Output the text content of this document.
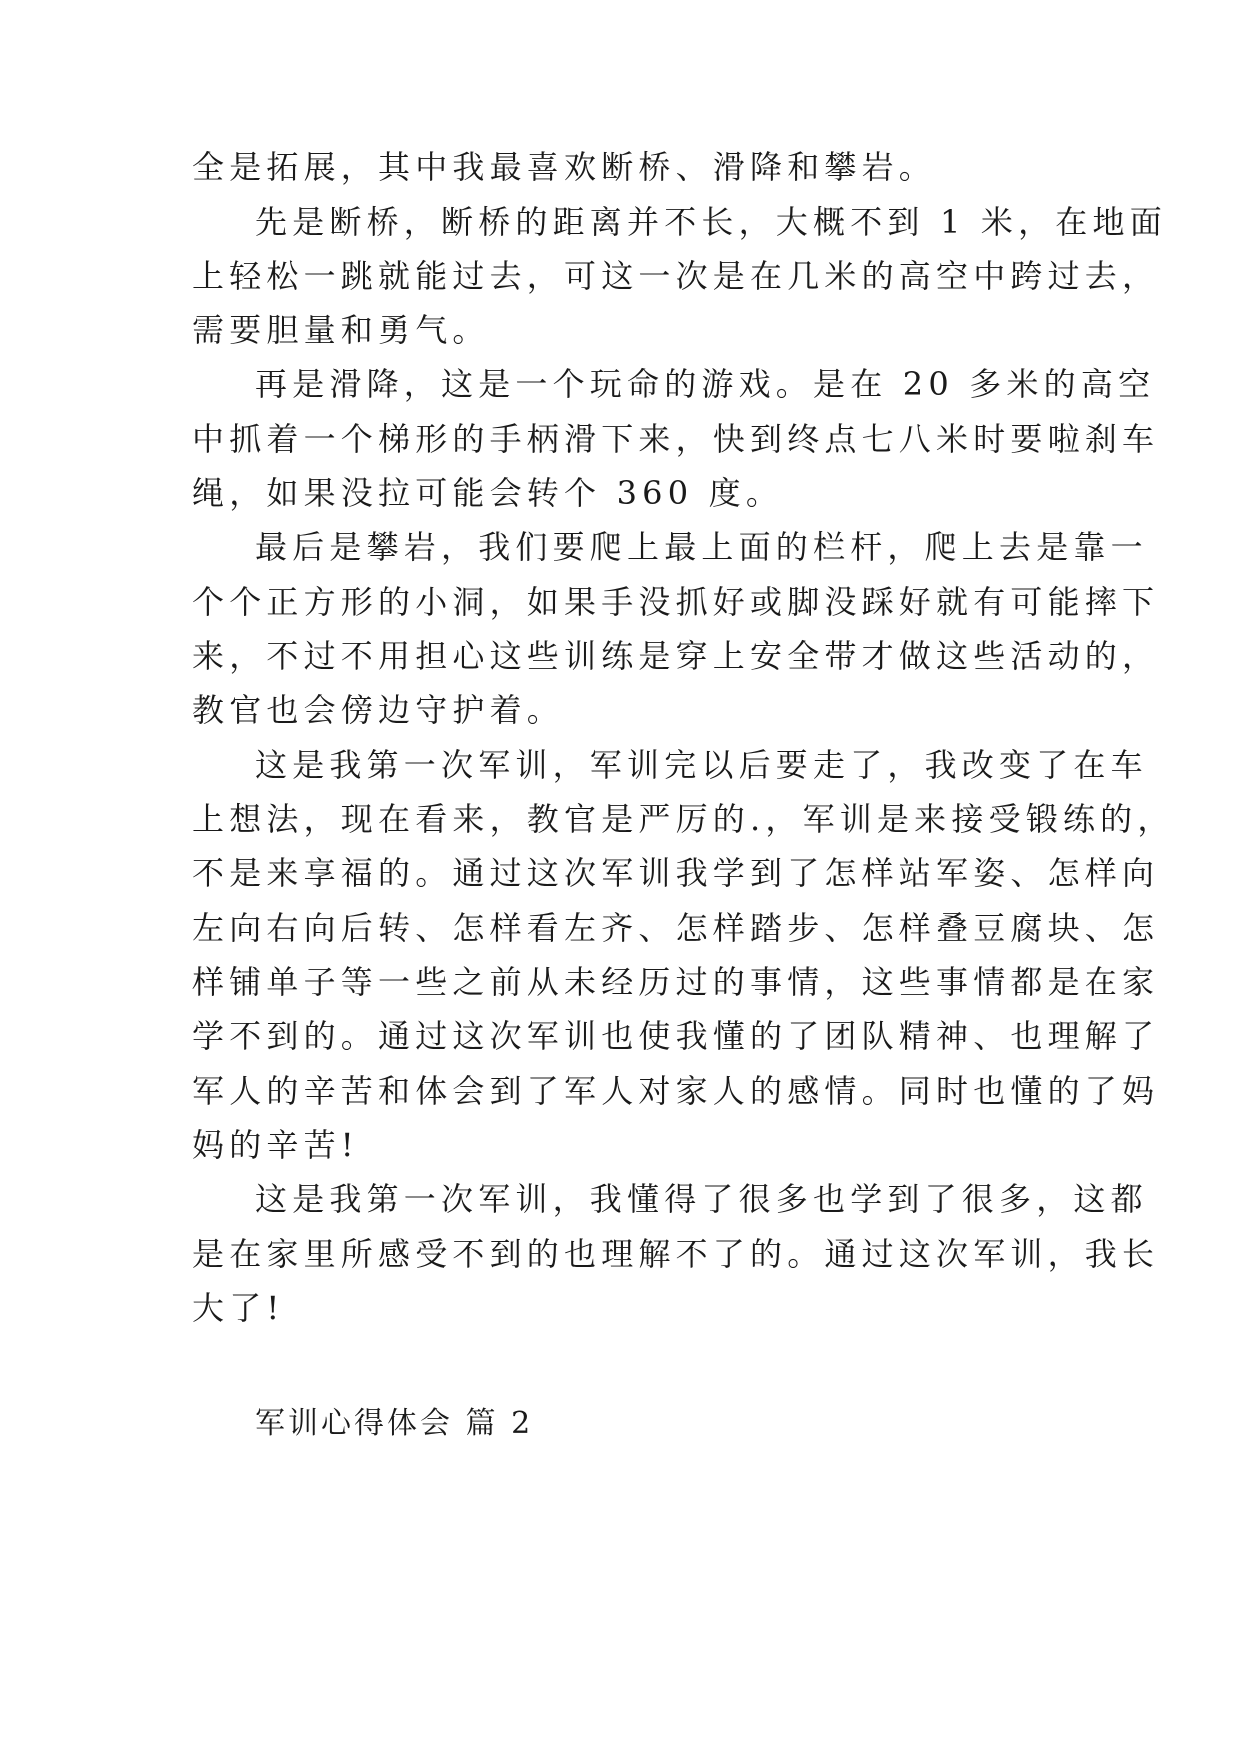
全是拓展，其中我最喜欢断桥、滑降和攀岩。
先是断桥，断桥的距离并不长，大概不到 1 米，在地面
上轻松一跳就能过去，可这一次是在几米的高空中跨过去，
需要胆量和勇气。
再是滑降，这是一个玩命的游戏。是在 20 多米的高空
中抓着一个梯形的手柄滑下来，快到终点七八米时要啦刹车
绳，如果没拉可能会转个 360 度。
最后是攀岩，我们要爬上最上面的栏杆，爬上去是靠一
个个正方形的小洞，如果手没抓好或脚没踩好就有可能摔下
来，不过不用担心这些训练是穿上安全带才做这些活动的，
教官也会傍边守护着。
这是我第一次军训，军训完以后要走了，我改变了在车
上想法，现在看来，教官是严厉的.，军训是来接受锻练的，
不是来享福的。通过这次军训我学到了怎样站军姿、怎样向
左向右向后转、怎样看左齐、怎样踏步、怎样叠豆腐块、怎
样铺单子等一些之前从未经历过的事情，这些事情都是在家
学不到的。通过这次军训也使我懂的了团队精神、也理解了
军人的辛苦和体会到了军人对家人的感情。同时也懂的了妈
妈的辛苦!
这是我第一次军训，我懂得了很多也学到了很多，这都
是在家里所感受不到的也理解不了的。通过这次军训，我长
大了!
军训心得体会 篇 2
